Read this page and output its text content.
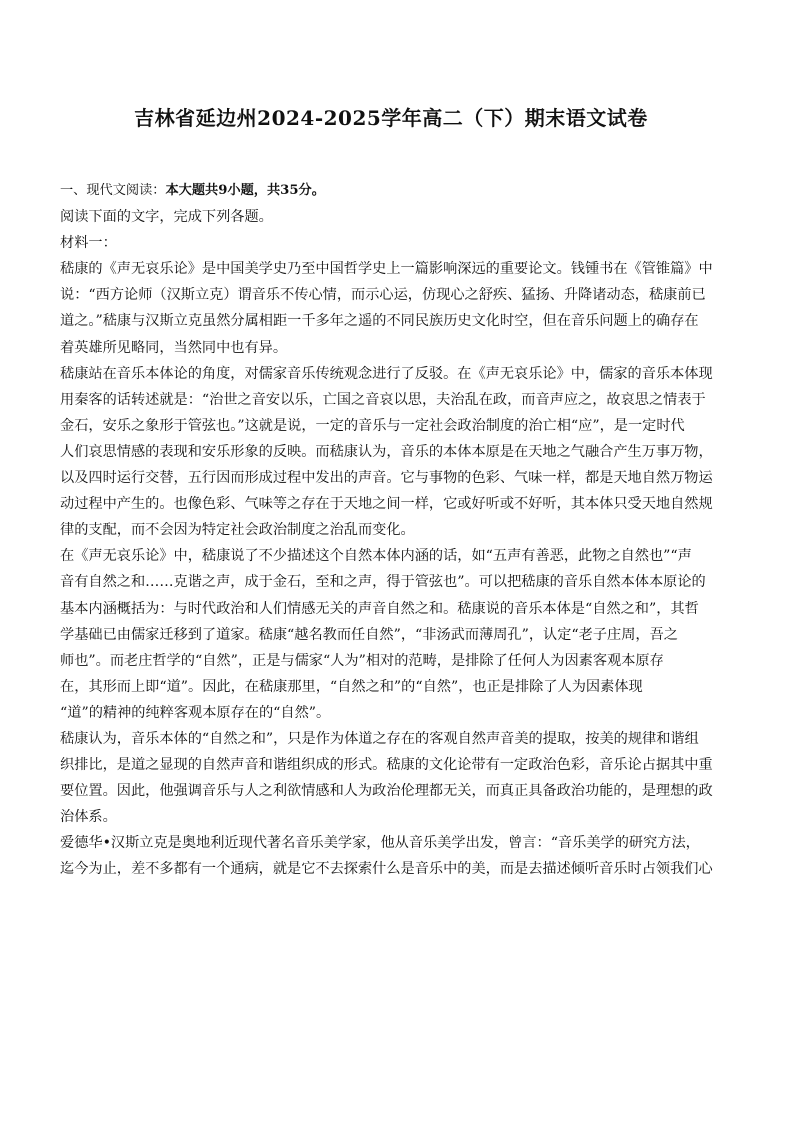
吉林省延边州2024-2025学年高二（下）期末语文试卷

一、现代文阅读：本大题共9小题，共35分。

阅读下面的文字，完成下列各题。

材料一：

嵇康的《声无哀乐论》是中国美学史乃至中国哲学史上一篇影响深远的重要论文。钱锺书在《管锥篇》中

说：“西方论师（汉斯立克）谓音乐不传心情，而示心运，仿现心之舒疾、猛扬、升降诸动态，嵇康前已

道之。”嵇康与汉斯立克虽然分属相距一千多年之遥的不同民族历史文化时空，但在音乐问题上的确存在

着英雄所见略同，当然同中也有异。

嵇康站在音乐本体论的角度，对儒家音乐传统观念进行了反驳。在《声无哀乐论》中，儒家的音乐本体现

用秦客的话转述就是：“治世之音安以乐，亡国之音哀以思，夫治乱在政，而音声应之，故哀思之情表于

金石，安乐之象形于管弦也。”这就是说，一定的音乐与一定社会政治制度的治亡相“应”，是一定时代

人们哀思情感的表现和安乐形象的反映。而嵇康认为，音乐的本体本原是在天地之气融合产生万事万物，

以及四时运行交替，五行因而形成过程中发出的声音。它与事物的色彩、气味一样，都是天地自然万物运

动过程中产生的。也像色彩、气味等之存在于天地之间一样，它或好听或不好听，其本体只受天地自然规

律的支配，而不会因为特定社会政治制度之治乱而变化。

在《声无哀乐论》中，嵇康说了不少描述这个自然本体内涵的话，如“五声有善恶，此物之自然也”“声

音有自然之和……克谐之声，成于金石，至和之声，得于管弦也”。可以把嵇康的音乐自然本体本原论的

基本内涵概括为：与时代政治和人们情感无关的声音自然之和。嵇康说的音乐本体是“自然之和”，其哲

学基础已由儒家迁移到了道家。嵇康“越名教而任自然”，“非汤武而薄周孔”，认定“老子庄周，吾之

师也”。而老庄哲学的“自然”，正是与儒家“人为”相对的范畴，是排除了任何人为因素客观本原存

在，其形而上即“道”。因此，在嵇康那里，“自然之和”的“自然”，也正是排除了人为因素体现

“道”的精神的纯粹客观本原存在的“自然”。

嵇康认为，音乐本体的“自然之和”，只是作为体道之存在的客观自然声音美的提取，按美的规律和谐组

织排比，是道之显现的自然声音和谐组织成的形式。嵇康的文化论带有一定政治色彩，音乐论占据其中重

要位置。因此，他强调音乐与人之利欲情感和人为政治伦理都无关，而真正具备政治功能的，是理想的政

治体系。

爱德华•汉斯立克是奥地利近现代著名音乐美学家，他从音乐美学出发，曾言：“音乐美学的研究方法，

迄今为止，差不多都有一个通病，就是它不去探索什么是音乐中的美，而是去描述倾听音乐时占领我们心
